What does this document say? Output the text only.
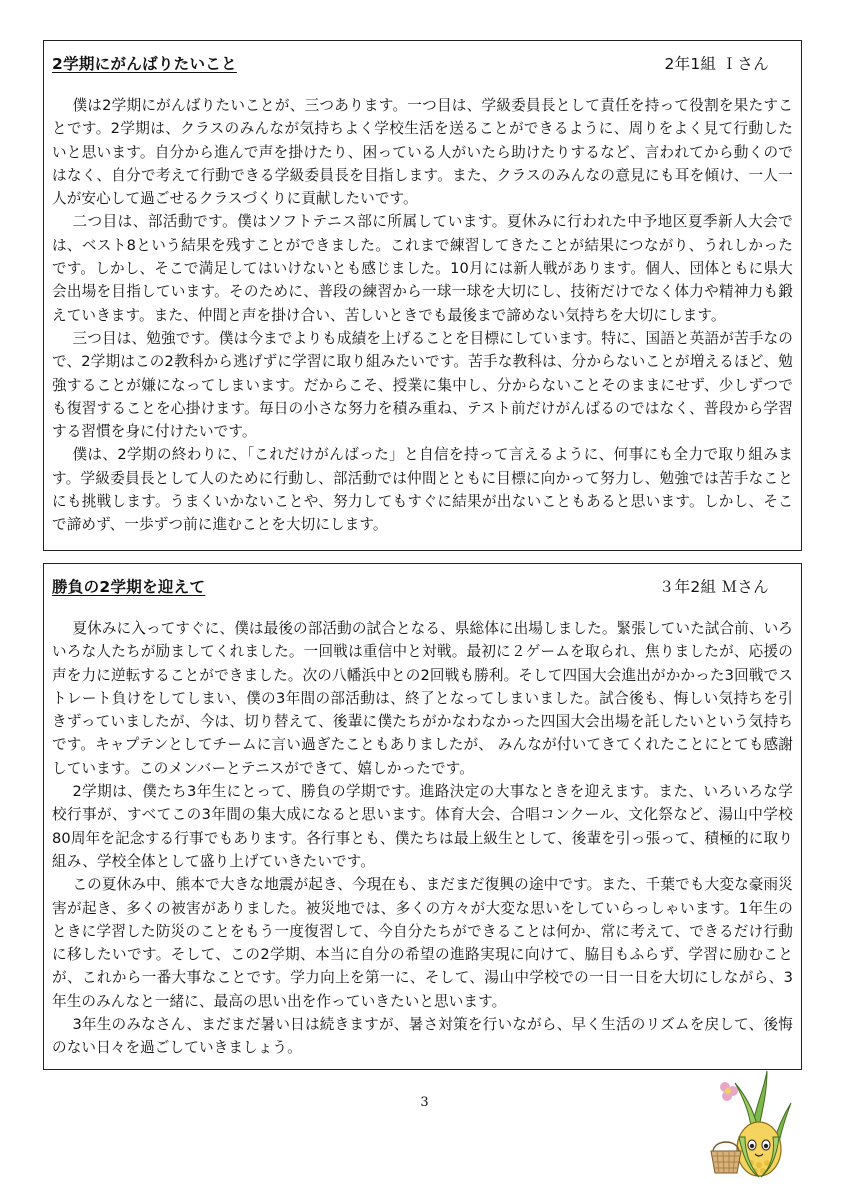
2学期にがんばりたいこと	2年1組 Ｉさん

僕は2学期にがんばりたいことが、三つあります。一つ目は、学級委員長として責任を持って役割を果たすことです。2学期は、クラスのみんなが気持ちよく学校生活を送ることができるように、周りをよく見て行動したいと思います。自分から進んで声を掛けたり、困っている人がいたら助けたりするなど、言われてから動くのではなく、自分で考えて行動できる学級委員長を目指します。また、クラスのみんなの意見にも耳を傾け、一人一人が安心して過ごせるクラスづくりに貢献したいです。

二つ目は、部活動です。僕はソフトテニス部に所属しています。夏休みに行われた中予地区夏季新人大会では、ベスト8という結果を残すことができました。これまで練習してきたことが結果につながり、うれしかったです。しかし、そこで満足してはいけないとも感じました。10月には新人戦があります。個人、団体ともに県大会出場を目指しています。そのために、普段の練習から一球一球を大切にし、技術だけでなく体力や精神力も鍛えていきます。また、仲間と声を掛け合い、苦しいときでも最後まで諦めない気持ちを大切にします。

三つ目は、勉強です。僕は今までよりも成績を上げることを目標にしています。特に、国語と英語が苦手なので、2学期はこの2教科から逃げずに学習に取り組みたいです。苦手な教科は、分からないことが増えるほど、勉強することが嫌になってしまいます。だからこそ、授業に集中し、分からないことそのままにせず、少しずつでも復習することを心掛けます。毎日の小さな努力を積み重ね、テスト前だけがんばるのではなく、普段から学習する習慣を身に付けたいです。

僕は、2学期の終わりに、「これだけがんばった」と自信を持って言えるように、何事にも全力で取り組みます。学級委員長として人のために行動し、部活動では仲間とともに目標に向かって努力し、勉強では苦手なことにも挑戦します。うまくいかないことや、努力してもすぐに結果が出ないこともあると思います。しかし、そこで諦めず、一歩ずつ前に進むことを大切にします。

勝負の2学期を迎えて	３年2組 Ｍさん

夏休みに入ってすぐに、僕は最後の部活動の試合となる、県総体に出場しました。緊張していた試合前、いろいろな人たちが励ましてくれました。一回戦は重信中と対戦。最初に２ゲームを取られ、焦りましたが、応援の声を力に逆転することができました。次の八幡浜中との2回戦も勝利。そして四国大会進出がかかった3回戦でストレート負けをしてしまい、僕の3年間の部活動は、終了となってしまいました。試合後も、悔しい気持ちを引きずっていましたが、今は、切り替えて、後輩に僕たちがかなわなかった四国大会出場を託したいという気持ちです。キャプテンとしてチームに言い過ぎたこともありましたが、 みんなが付いてきてくれたことにとても感謝しています。このメンバーとテニスができて、嬉しかったです。

2学期は、僕たち3年生にとって、勝負の学期です。進路決定の大事なときを迎えます。また、いろいろな学校行事が、すべてこの3年間の集大成になると思います。体育大会、合唱コンクール、文化祭など、湯山中学校80周年を記念する行事でもあります。各行事とも、僕たちは最上級生として、後輩を引っ張って、積極的に取り組み、学校全体として盛り上げていきたいです。

この夏休み中、熊本で大きな地震が起き、今現在も、まだまだ復興の途中です。また、千葉でも大変な豪雨災害が起き、多くの被害がありました。被災地では、多くの方々が大変な思いをしていらっしゃいます。1年生のときに学習した防災のことをもう一度復習して、今自分たちができることは何か、常に考えて、できるだけ行動に移したいです。そして、この2学期、本当に自分の希望の進路実現に向けて、脇目もふらず、学習に励むことが、これから一番大事なことです。学力向上を第一に、そして、湯山中学校での一日一日を大切にしながら、3年生のみんなと一緒に、最高の思い出を作っていきたいと思います。

3年生のみなさん、まだまだ暑い日は続きますが、暑さ対策を行いながら、早く生活のリズムを戻して、後悔のない日々を過ごしていきましょう。

3
